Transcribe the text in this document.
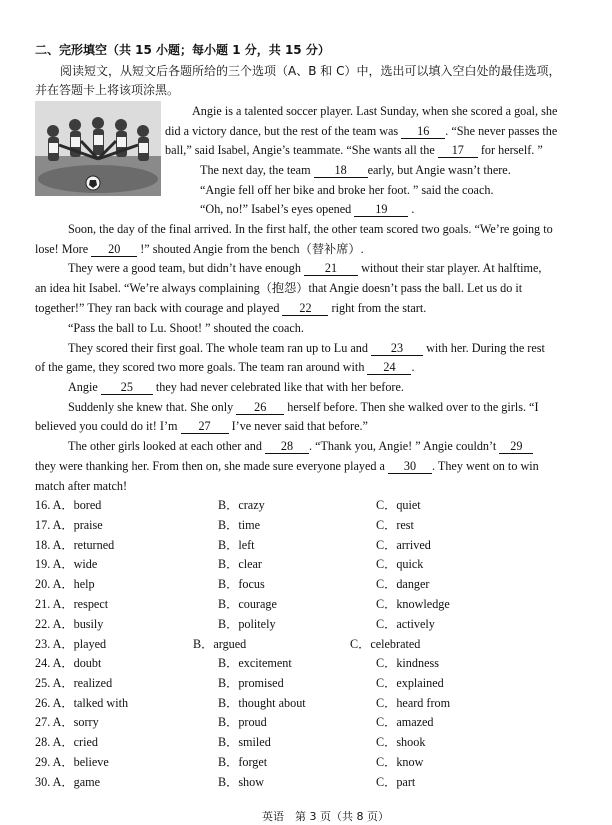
二、完形填空（共 15 小题；每小题 1 分，共 15 分）
阅读短文，从短文后各题所给的三个选项（A、B 和 C）中，选出可以填入空白处的最佳选项，
并在答题卡上将该项涂黑。
Angie is a talented soccer player. Last Sunday, when she scored a goal, she
did a victory dance, but the rest of the team was 16 . “She never passes the
ball,” said Isabel, Angie’s teammate. “She wants all the 17 for herself. ”
The next day, the team 18 early, but Angie wasn’t there.
“Angie fell off her bike and broke her foot. ” said the coach.
“Oh, no!” Isabel’s eyes opened 19 .
Soon, the day of the final arrived. In the first half, the other team scored two goals. “We’re going to
lose! More 20 !” shouted Angie from the bench（替补席）.
They were a good team, but didn’t have enough 21 without their star player. At halftime,
an idea hit Isabel. “We’re always complaining（抱怨）that Angie doesn’t pass the ball. Let us do it
together!” They ran back with courage and played 22 right from the start.
“Pass the ball to Lu. Shoot! ” shouted the coach.
They scored their first goal. The whole team ran up to Lu and 23 with her. During the rest
of the game, they scored two more goals. The team ran around with 24 .
Angie 25 they had never celebrated like that with her before.
Suddenly she knew that. She only 26 herself before. Then she walked over to the girls. “I
believed you could do it! I’m 27 I’ve never said that before.”
The other girls looked at each other and 28 . “Thank you, Angie! ” Angie couldn’t 29
they were thanking her. From then on, she made sure everyone played a 30 . They went on to win
match after match!
16. A．bored	B．crazy	C．quiet
17. A．praise	B．time	C．rest
18. A．returned	B．left	C．arrived
19. A．wide	B．clear	C．quick
20. A．help	B．focus	C．danger
21. A．respect	B．courage	C．knowledge
22. A．busily	B．politely	C．actively
23. A．played	B．argued	C．celebrated
24. A．doubt	B．excitement	C．kindness
25. A．realized	B．promised	C．explained
26. A．talked with	B．thought about	C．heard from
27. A．sorry	B．proud	C．amazed
28. A．cried	B．smiled	C．shook
29. A．believe	B．forget	C．know
30. A．game	B．show	C．part
英语　第 3 页（共 8 页）
